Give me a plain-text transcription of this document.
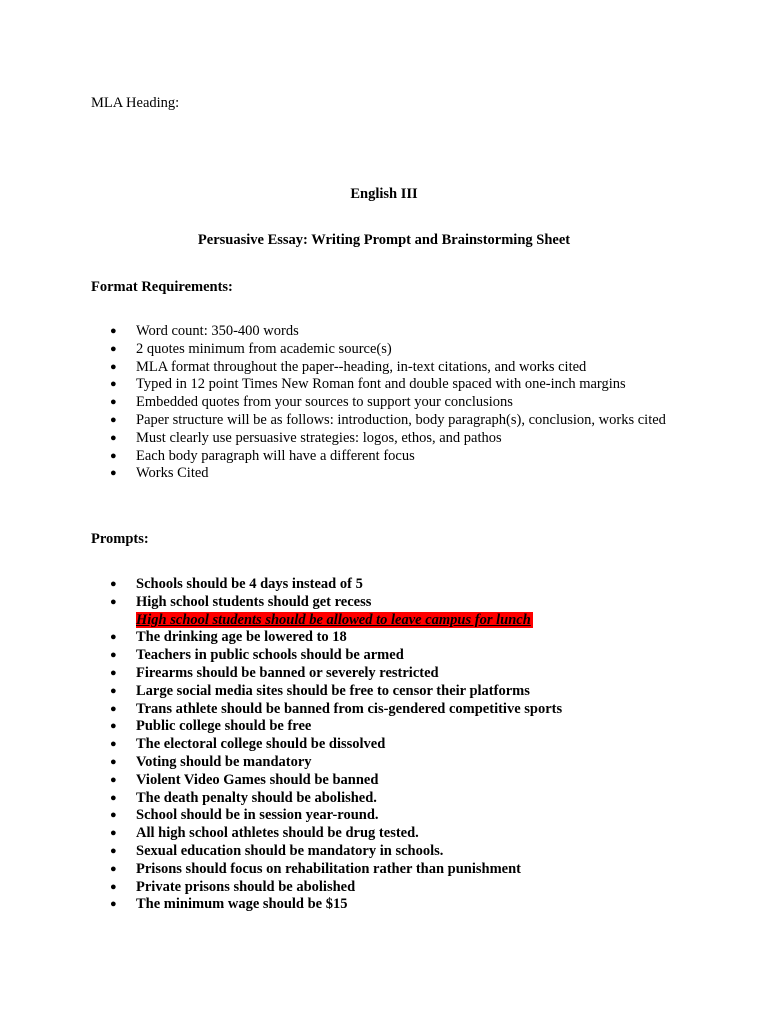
MLA Heading:
English III
Persuasive Essay: Writing Prompt and Brainstorming Sheet
Format Requirements:
● Word count: 350-400 words
● 2 quotes minimum from academic source(s)
● MLA format throughout the paper--heading, in-text citations, and works cited
● Typed in 12 point Times New Roman font and double spaced with one-inch margins
● Embedded quotes from your sources to support your conclusions
● Paper structure will be as follows: introduction, body paragraph(s), conclusion, works cited
● Must clearly use persuasive strategies: logos, ethos, and pathos
● Each body paragraph will have a different focus
● Works Cited
Prompts:
● Schools should be 4 days instead of 5
● High school students should get recess
High school students should be allowed to leave campus for lunch
● The drinking age be lowered to 18
● Teachers in public schools should be armed
● Firearms should be banned or severely restricted
● Large social media sites should be free to censor their platforms
● Trans athlete should be banned from cis-gendered competitive sports
● Public college should be free
● The electoral college should be dissolved
● Voting should be mandatory
● Violent Video Games should be banned
● The death penalty should be abolished.
● School should be in session year-round.
● All high school athletes should be drug tested.
● Sexual education should be mandatory in schools.
● Prisons should focus on rehabilitation rather than punishment
● Private prisons should be abolished
● The minimum wage should be $15
